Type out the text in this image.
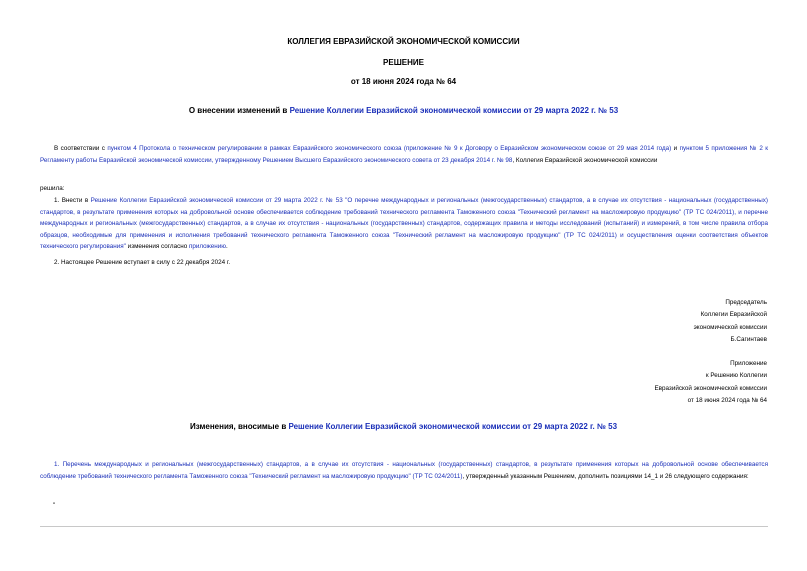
КОЛЛЕГИЯ ЕВРАЗИЙСКОЙ ЭКОНОМИЧЕСКОЙ КОМИССИИ
РЕШЕНИЕ
от 18 июня 2024 года № 64
О внесении изменений в Решение Коллегии Евразийской экономической комиссии от 29 марта 2022 г. № 53
В соответствии с пунктом 4 Протокола о техническом регулировании в рамках Евразийского экономического союза (приложение № 9 к Договору о Евразийском экономическом союзе от 29 мая 2014 года) и пунктом 5 приложения № 2 к Регламенту работы Евразийской экономической комиссии, утвержденному Решением Высшего Евразийского экономического совета от 23 декабря 2014 г. № 98, Коллегия Евразийской экономической комиссии
решила:
1. Внести в Решение Коллегии Евразийской экономической комиссии от 29 марта 2022 г. № 53 "О перечне международных и региональных (межгосударственных) стандартов, а в случае их отсутствия - национальных (государственных) стандартов, в результате применения которых на добровольной основе обеспечивается соблюдение требований технического регламента Таможенного союза "Технический регламент на масложировую продукцию" (ТР ТС 024/2011), и перечне международных и региональных (межгосударственных) стандартов, а в случае их отсутствия - национальных (государственных) стандартов, содержащих правила и методы исследований (испытаний) и измерений, в том числе правила отбора образцов, необходимые для применения и исполнения требований технического регламента Таможенного союза "Технический регламент на масложировую продукцию" (ТР ТС 024/2011) и осуществления оценки соответствия объектов технического регулирования" изменения согласно приложению.
2. Настоящее Решение вступает в силу с 22 декабря 2024 г.
Председатель
Коллегии Евразийской
экономической комиссии
Б.Сагинтаев
Приложение
к Решению Коллегии
Евразийской экономической комиссии
от 18 июня 2024 года № 64
Изменения, вносимые в Решение Коллегии Евразийской экономической комиссии от 29 марта 2022 г. № 53
1. Перечень международных и региональных (межгосударственных) стандартов, а в случае их отсутствия - национальных (государственных) стандартов, в результате применения которых на добровольной основе обеспечивается соблюдение требований технического регламента Таможенного союза "Технический регламент на масложировую продукцию" (ТР ТС 024/2011), утвержденный указанным Решением, дополнить позициями 14_1 и 26 следующего содержания:
"
